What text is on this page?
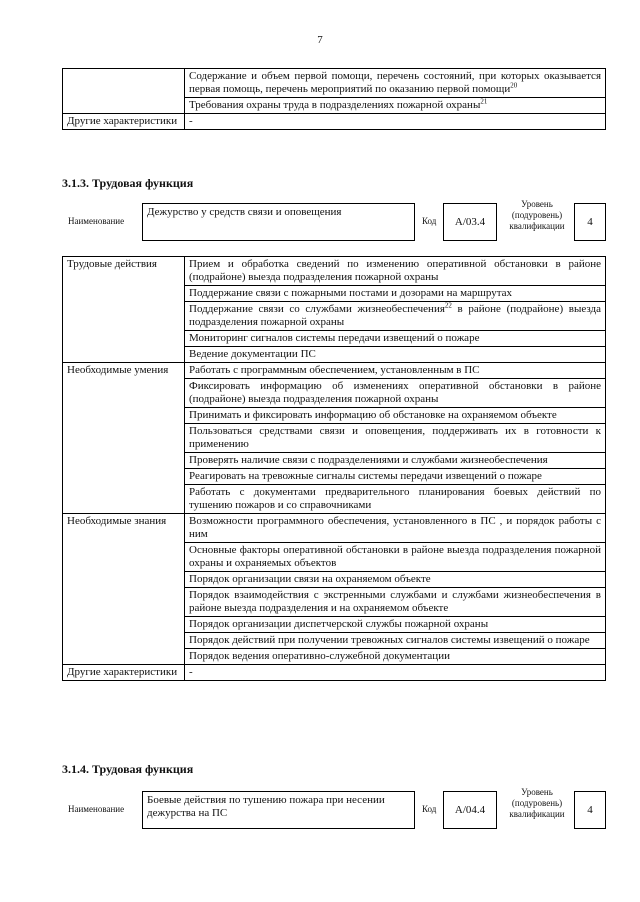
7
	Содержание и объем первой помощи, перечень состояний, при которых оказывается первая помощь, перечень мероприятий по оказанию первой помощи$^{20}$
	Требования охраны труда в подразделениях пожарной охраны$^{21}$
Другие характеристики	-
3.1.3. Трудовая функция
Наименование
Дежурство у средств связи и оповещения
Код	A/03.4
Уровень (подуровень) квалификации	4
Трудовые действия	Прием и обработка сведений по изменению оперативной обстановки в районе (подрайоне) выезда подразделения пожарной охраны
	Поддержание связи с пожарными постами и дозорами на маршрутах
	Поддержание связи со службами жизнеобеспечения$^{22}$ в районе (подрайоне) выезда подразделения пожарной охраны
	Мониторинг сигналов системы передачи извещений о пожаре
	Ведение документации ПС
Необходимые умения	Работать с программным обеспечением, установленным в ПС
	Фиксировать информацию об изменениях оперативной обстановки в районе (подрайоне) выезда подразделения пожарной охраны
	Принимать и фиксировать информацию об обстановке на охраняемом объекте
	Пользоваться средствами связи и оповещения, поддерживать их в готовности к применению
	Проверять наличие связи с подразделениями и службами жизнеобеспечения
	Реагировать на тревожные сигналы системы передачи извещений о пожаре
	Работать с документами предварительного планирования боевых действий по тушению пожаров и со справочниками
Необходимые знания	Возможности программного обеспечения, установленного в ПС , и порядок работы с ним
	Основные факторы оперативной обстановки в районе выезда подразделения пожарной охраны и охраняемых объектов
	Порядок организации связи на охраняемом объекте
	Порядок взаимодействия с экстренными службами и службами жизнеобеспечения в районе выезда подразделения и на охраняемом объекте
	Порядок организации диспетчерской службы пожарной охраны
	Порядок действий при получении тревожных сигналов системы извещений о пожаре
	Порядок ведения оперативно-служебной документации
Другие характеристики	-
3.1.4. Трудовая функция
Наименование
Боевые действия по тушению пожара при несении дежурства на ПС	Код	A/04.4
Уровень (подуровень) квалификации	4
